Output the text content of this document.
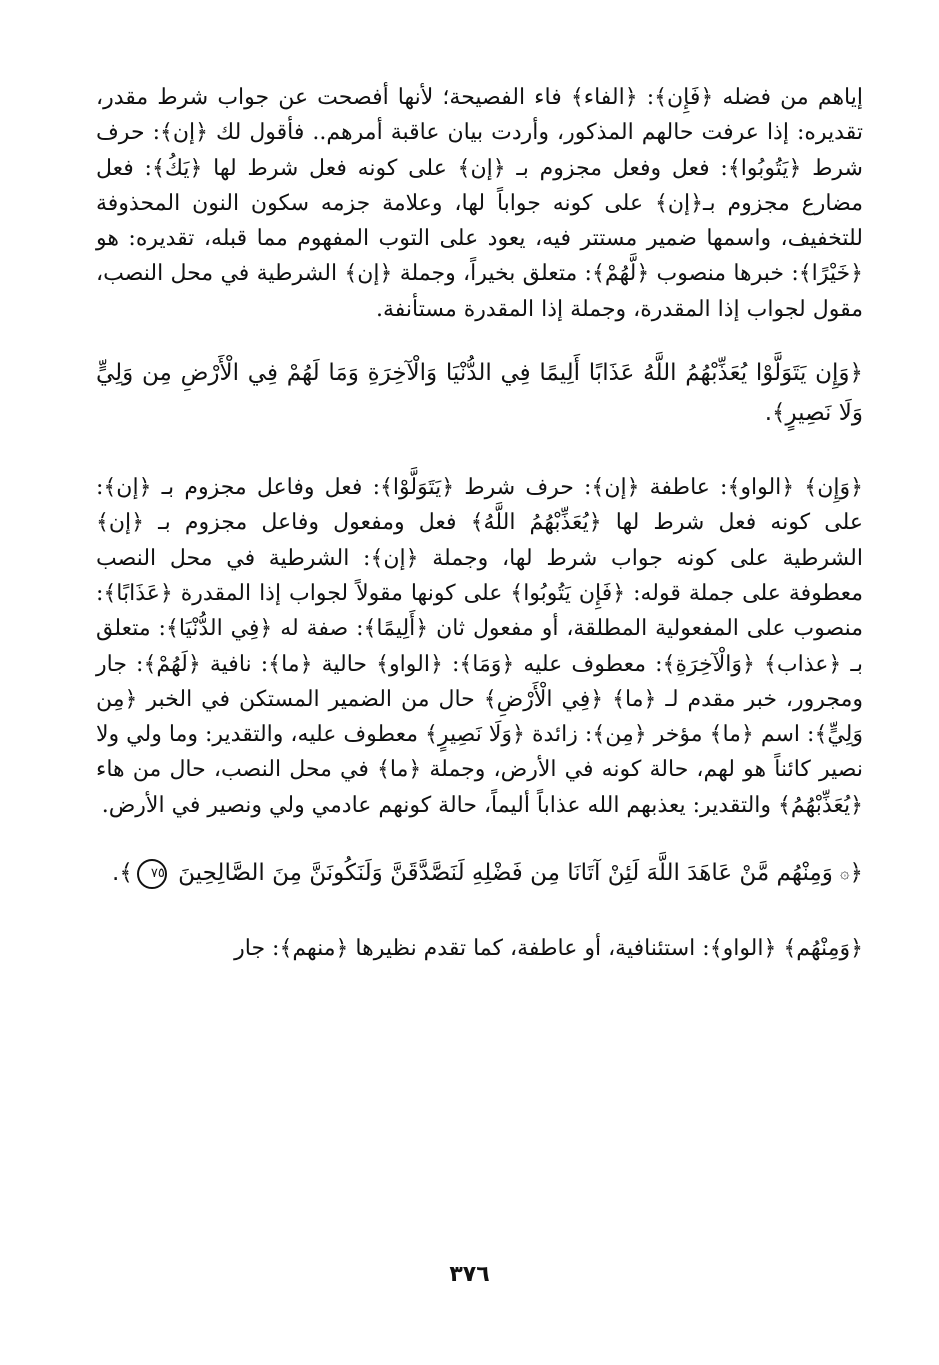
إياهم من فضله ﴿فَإِن﴾: ﴿الفاء﴾ فاء الفصيحة؛ لأنها أفصحت عن جواب شرط مقدر، تقديره: إذا عرفت حالهم المذكور، وأردت بيان عاقبة أمرهم.. فأقول لك ﴿إن﴾: حرف شرط ﴿يَتُوبُوا﴾: فعل وفعل مجزوم بـ ﴿إن﴾ على كونه فعل شرط لها ﴿يَكُ﴾: فعل مضارع مجزوم بـ﴿إن﴾ على كونه جواباً لها، وعلامة جزمه سكون النون المحذوفة للتخفيف، واسمها ضمير مستتر فيه، يعود على التوب المفهوم مما قبله، تقديره: هو ﴿خَيْرًا﴾: خبرها منصوب ﴿لَّهُمْ﴾: متعلق بخيراً، وجملة ﴿إن﴾ الشرطية في محل النصب، مقول لجواب إذا المقدرة، وجملة إذا المقدرة مستأنفة.

﴿وَإِن يَتَوَلَّوْا يُعَذِّبْهُمُ اللَّهُ عَذَابًا أَلِيمًا فِي الدُّنْيَا وَالْآخِرَةِ وَمَا لَهُمْ فِي الْأَرْضِ مِن وَلِيٍّ وَلَا نَصِيرٍ﴾.

﴿وَإِن﴾ ﴿الواو﴾: عاطفة ﴿إن﴾: حرف شرط ﴿يَتَوَلَّوْا﴾: فعل وفاعل مجزوم بـ ﴿إن﴾: على كونه فعل شرط لها ﴿يُعَذِّبْهُمُ اللَّهُ﴾ فعل ومفعول وفاعل مجزوم بـ ﴿إن﴾ الشرطية على كونه جواب شرط لها، وجملة ﴿إن﴾: الشرطية في محل النصب معطوفة على جملة قوله: ﴿فَإِن يَتُوبُوا﴾ على كونها مقولاً لجواب إذا المقدرة ﴿عَذَابًا﴾: منصوب على المفعولية المطلقة، أو مفعول ثان ﴿أَلِيمًا﴾: صفة له ﴿فِي الدُّنْيَا﴾: متعلق بـ ﴿عذاب﴾ ﴿وَالْآخِرَةِ﴾: معطوف عليه ﴿وَمَا﴾: ﴿الواو﴾ حالية ﴿ما﴾: نافية ﴿لَهُمْ﴾: جار ومجرور، خبر مقدم لـ ﴿ما﴾ ﴿فِي الْأَرْضِ﴾ حال من الضمير المستكن في الخبر ﴿مِن وَلِيٍّ﴾: اسم ﴿ما﴾ مؤخر ﴿مِن﴾: زائدة ﴿وَلَا نَصِيرٍ﴾ معطوف عليه، والتقدير: وما ولي ولا نصير كائناً هو لهم، حالة كونه في الأرض، وجملة ﴿ما﴾ في محل النصب، حال من هاء ﴿يُعَذِّبْهُمُ﴾ والتقدير: يعذبهم الله عذاباً أليماً، حالة كونهم عادمي ولي ونصير في الأرض.

﴿۞ وَمِنْهُم مَّنْ عَاهَدَ اللَّهَ لَئِنْ آتَانَا مِن فَضْلِهِ لَنَصَّدَّقَنَّ وَلَنَكُونَنَّ مِنَ الصَّالِحِينَ ٧٥﴾.

﴿وَمِنْهُم﴾ ﴿الواو﴾: استئنافية، أو عاطفة، كما تقدم نظيرها ﴿منهم﴾: جار

٣٧٦
